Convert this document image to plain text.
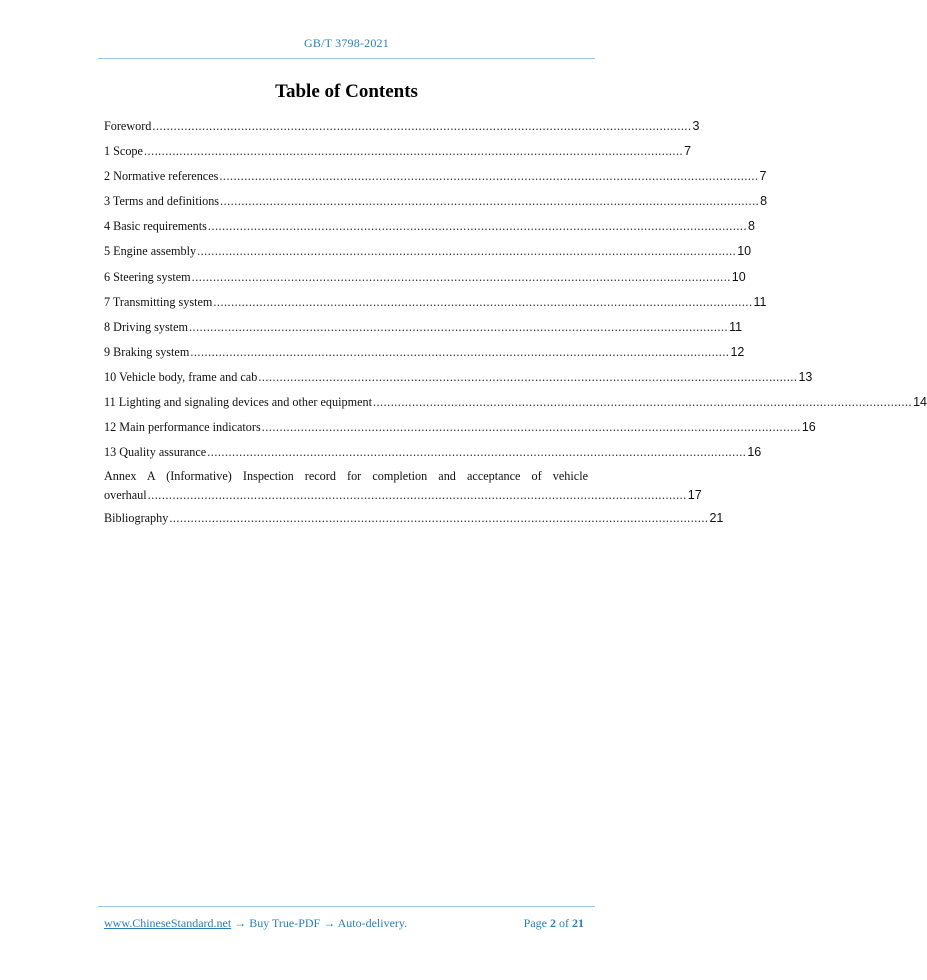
GB/T 3798-2021
Table of Contents
Foreword ........................................................................................................................................................ 3
1 Scope ........................................................................................................................................................ 7
2 Normative references ........................................................................................................................................................ 7
3 Terms and definitions ........................................................................................................................................................ 8
4 Basic requirements ........................................................................................................................................................ 8
5 Engine assembly ........................................................................................................................................................ 10
6 Steering system ........................................................................................................................................................ 10
7 Transmitting system ........................................................................................................................................................ 11
8 Driving system ........................................................................................................................................................ 11
9 Braking system ........................................................................................................................................................ 12
10 Vehicle body, frame and cab ........................................................................................................................................................ 13
11 Lighting and signaling devices and other equipment ........................................................................................................................................................ 14
12 Main performance indicators ........................................................................................................................................................ 16
13 Quality assurance ........................................................................................................................................................ 16
Annex A (Informative) Inspection record for completion and acceptance of vehicle
overhaul ........................................................................................................................................................ 17
Bibliography ........................................................................................................................................................ 21
www.ChineseStandard.net → Buy True-PDF → Auto-delivery.	Page 2 of 21
